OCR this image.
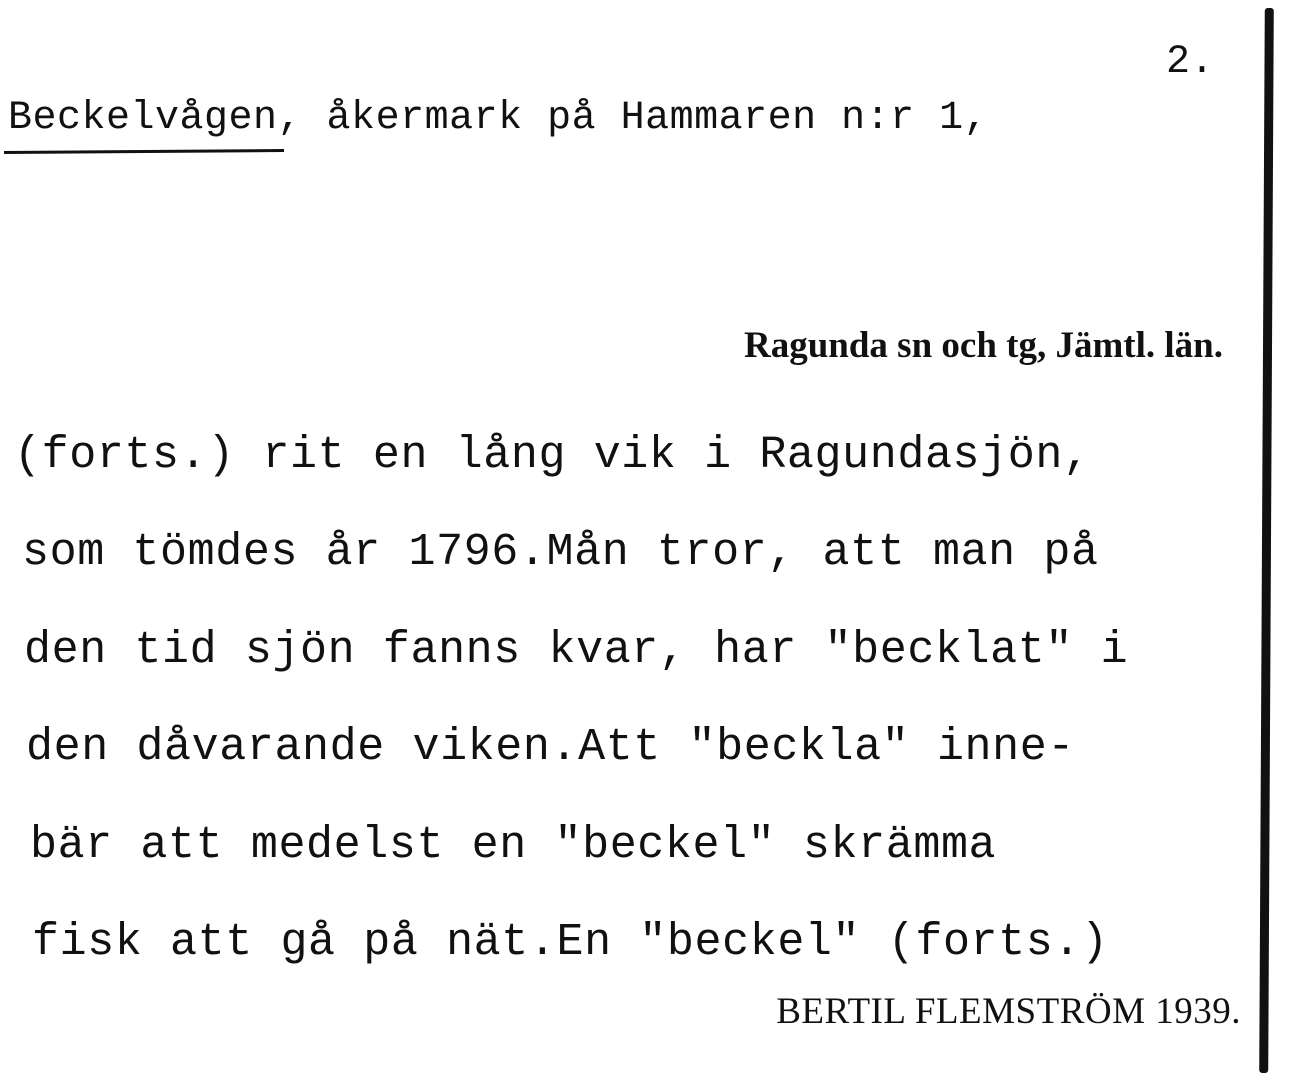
2.
Beckelvågen, åkermark på Hammaren n:r 1,
Ragunda sn och tg, Jämtl. län.
(forts.) rit en lång vik i Ragundasjön,
som tömdes år 1796.Mån tror, att man på
den tid sjön fanns kvar, har "becklat" i
den dåvarande viken.Att "beckla" inne-
bär att medelst en "beckel" skrämma
fisk att gå på nät.En "beckel" (forts.)
BERTIL FLEMSTRÖM 1939.
